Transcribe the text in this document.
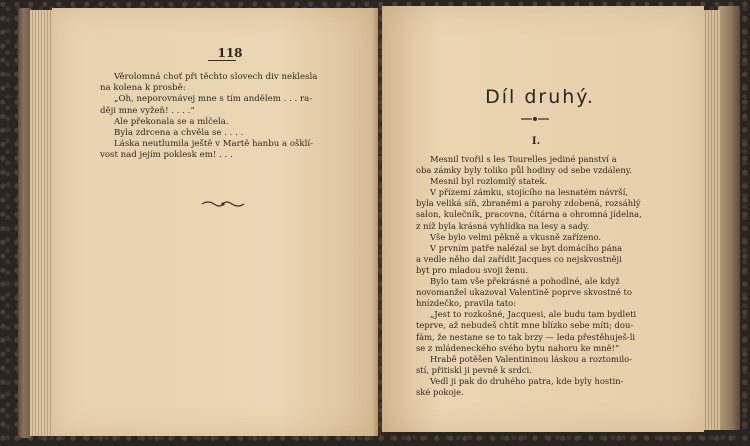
118
Věrolomná choť při těchto slovech div neklesla
na kolena k prosbě:
„Oh, neporovnávej mne s tím andělem . . . ra-
ději mne vyžeň! . . . .“
Ale překonala se a mlčela.
Byla zdrcena a chvěla se . . . .
Láska neutlumila ještě v Martě hanbu a ošklí-
vost nad jejím poklesk em! . . .
Díl druhý.
I.
Mesnil tvořil s les Tourelles jediné panství a
oba zámky byly toliko půl hodiny od sebe vzdáleny.
Mesnil byl rozlomilý statek.
V přízemí zámku, stojícího na lesnatém návrší,
byla veliká síň, zbraněmi a parohy zdobená, rozsáhlý
salon, kulečník, pracovna, čítárna a ohromná jídelna,
z níž byla krásná vyhlídka na lesy a sady.
Vše bylo velmi pěkně a vkusně zařízeno.
V prvním patře nalézal se byt domácího pána
a vedle něho dal zařídit Jacques co nejskvostněji
byt pro mladou svoji ženu.
Bylo tam vše překrásné a pohodlné, ale když
novomanžel ukazoval Valentině poprve skvostné to
hnízdečko, pravila tato:
„Jest to rozkošné, Jacquesi, ale budu tam bydleti
teprve, až nebudeš chtít mne blízko sebe míti; dou-
fám, že nestane se to tak brzy — leda přestěhuješ-li
se z mládeneckého svého bytu nahoru ke mně!“
Hrabě potěšen Valentininou láskou a roztomilo-
stí, přitiskl ji pevně k srdci.
Vedl ji pak do druhého patra, kde byly hostin-
ské pokoje.
